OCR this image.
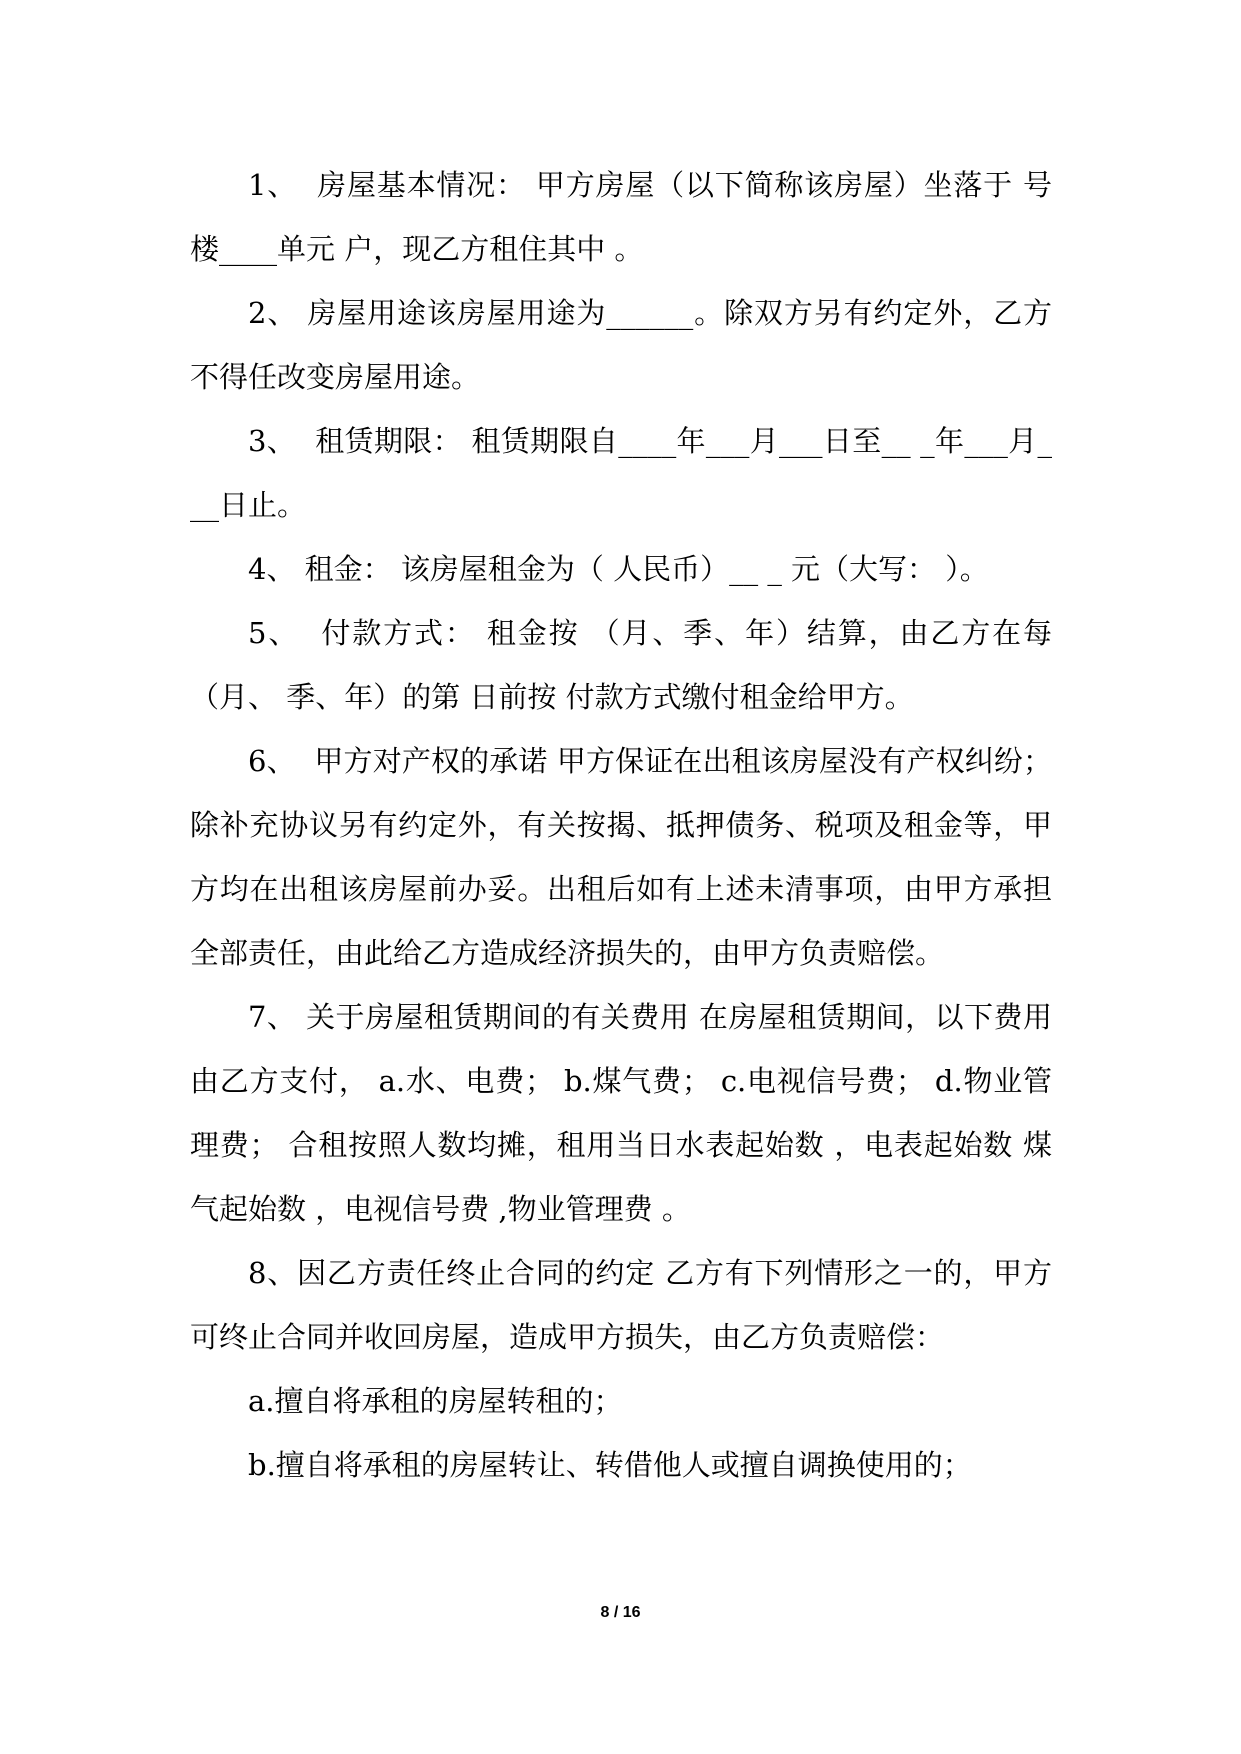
1、  房屋基本情况： 甲方房屋（以下简称该房屋）坐落于 号楼____单元 户，现乙方租住其中 。

2、 房屋用途该房屋用途为______。除双方另有约定外，乙方不得任改变房屋用途。

3、  租赁期限： 租赁期限自____年___月___日至__ _年___月___日止。

4、 租金： 该房屋租金为（ 人民币）__ _ 元（大写： ）。

5、  付款方式： 租金按 （月、季、年）结算，由乙方在每（月、 季、年）的第 日前按 付款方式缴付租金给甲方。

6、  甲方对产权的承诺 甲方保证在出租该房屋没有产权纠纷；除补充协议另有约定外，有关按揭、抵押债务、税项及租金等，甲方均在出租该房屋前办妥。出租后如有上述未清事项，由甲方承担全部责任，由此给乙方造成经济损失的，由甲方负责赔偿。

7、 关于房屋租赁期间的有关费用 在房屋租赁期间，以下费用由乙方支付， a.水、电费； b.煤气费； c.电视信号费； d.物业管理费； 合租按照人数均摊，租用当日水表起始数 ，电表起始数 煤气起始数 ，电视信号费 ,物业管理费 。

8、因乙方责任终止合同的约定 乙方有下列情形之一的，甲方可终止合同并收回房屋，造成甲方损失，由乙方负责赔偿：

a.擅自将承租的房屋转租的；

b.擅自将承租的房屋转让、转借他人或擅自调换使用的；

8 / 16
